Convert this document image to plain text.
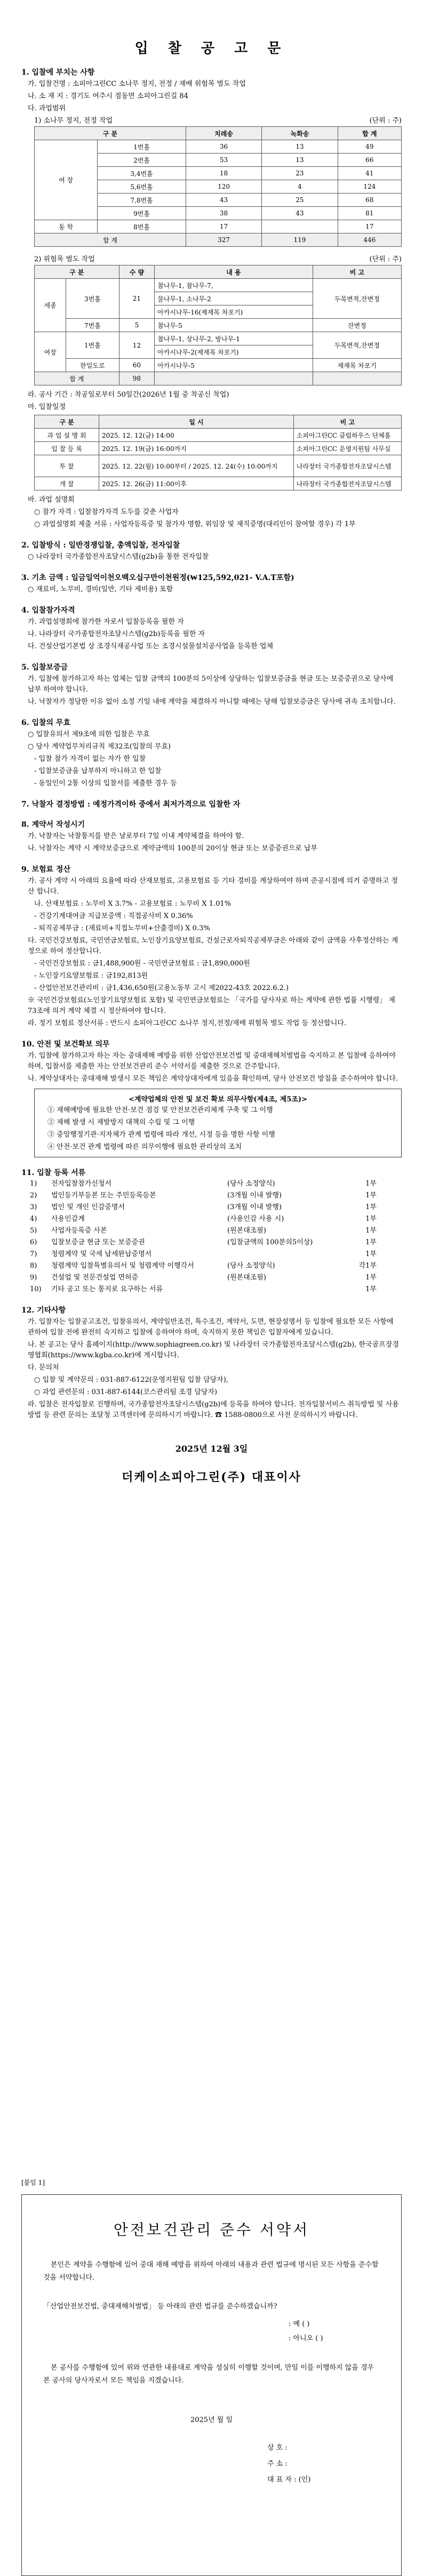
입 찰 공 고 문
1. 입찰에 부치는 사항
가. 입찰건명 : 소피아그린CC 소나무 정지, 전정 / 재배 위험목 벌도 작업
나. 소 재 지 : 경기도 여주시 점동면 소피아그린길 84
다. 과업범위
1) 소나무 정지, 전정 작업	(단위 : 주)
구 분		치레송	녹화송	합 계
여 장	1번홀	36	13	49
	2번홀	53	13	66
	3,4번홀	18	23	41
	5,6번홀	120	4	124
	7,8번홀	43	25	68
	9번홀	38	43	81
동 학	8번홀	17		17
합 계		327	119	446
2) 위험목 벌도 작업	(단위 : 주)
구 분		수 량	내 용	비 고
세종	3번홀	21	참나무-1, 참나무-7,	두목변적,잔변정
			물나무-1, 소나무-2	
			아카시나무-16(제재목 차포기)	
	7번홀	5	참나무-5	잔변정
여장	1번홀	12	참나무-1, 상나무-2, 방나무-1	두목변적,잔변정
			아카시나무-2(제재목 차포기)	
	한일도로	60	아카시나무-5	제재목 차포기
합 계		98		
라. 공사 기간 : 착공일로부터 50일간(2026년 1월 중 착공신 착업)
마. 입찰일정
구 분	일 시	비 고
과 업 설 명 회	2025. 12. 12(금) 14:00	소피아그린CC 클럽하우스 단체홀
입 찰 등 록	2025. 12. 19(금) 16:00까지	소피아그린CC 운영지원팀 사무실
투 찰	2025. 12. 22(월) 10:00부터 / 2025. 12. 24(수) 10:00까지	나라장터 국가종합전자조달시스템
개 찰	2025. 12. 26(금) 11:00이후	나라장터 국가종합전자조달시스템
바. 과업 설명회
○ 참가 자격 : 입찰참가자격 도두를 갖춘 사업자
○ 과업설명회 제출 서류 : 사업자등록증 및 참가자 명함, 위임장 및 재직증명(대리인이 참여할 경우) 각 1부
2. 입찰방식 : 일반경쟁입찰, 총액입찰, 전자입찰
○ 나라장터 국가종합전자조달시스템(g2b)을 통한 전자입찰
3. 기초 금액 : 일금일억이천오백오십구만이천원정(₩125,592,021- V.A.T포함)
○ 재료비, 노무비, 경비(일반, 기타 제비용) 포함
4. 입찰참가자격
가. 과업설명회에 참가한 자로서 입찰등록을 필한 자
나. 나라장터 국가종합전자조달시스템(g2b)등록을 필한 자
다. 건설산업기본법 상 조경식재공사업 또는 조경시설물설치공사업을 등록한 업체
5. 입찰보증금
가. 입찰에 참가하고자 하는 업체는 입찰 금액의 100분의 5이상에 상당하는 입찰보증금을 현금 또는 보증증권으로 당사에 납부 하여야 합니다.
나. 낙찰자가 정당한 이유 없이 소정 기일 내에 계약을 체결하지 아니할 때에는 당해 입찰보증금은 당사에 귀속 조치합니다.
6. 입찰의 무효
○ 입찰유의서 제9조에 의한 입찰은 무효
○ 당사 계약업무처리규칙 제32조(입찰의 무효)
- 입찰 참가 자격이 없는 자가 한 입찰
- 입찰보증금을 납부하지 아니하고 한 입찰
- 동일인이 2통 이상의 입찰서를 제출한 경우 등
7. 낙찰자 결정방법 : 예정가격이하 중에서 최저가격으로 입찰한 자
8. 계약서 작성시기
가. 낙찰자는 낙찰통지를 받은 날로부터 7일 이내 계약체결을 하여야 함.
나. 낙찰자는 계약 시 계약보증금으로 계약금액의 100분의 20이상 현금 또는 보증증권으로 납부
9. 보험료 정산
가. 공사 계약 시 아래의 요율에 따라 산재보험료, 고용보험료 등 기타 경비를 계상하여야 하며 준공시점에 의거 증명하고 정산 합니다.
나. 산재보험료 : 노무비 X 3.7% - 고용보험료 : 노무비 X 1.01%
- 건강기계대여금 지급보증액 : 직접공사비 X 0.36%
- 퇴직공제부금 : (재료비+직접노무비+산출경비) X 0.3%
다. 국민건강보험료, 국민연금보험료, 노인장기요양보험료, 건설근로자퇴직공제부금은 아래와 같이 금액을 사후정산하는 계정으로 하여 정산합니다.
- 국민건강보험료 : 금1,488,900원 - 국민연금보험료 : 금1,890,000원
- 노인장기요양보험료 : 금192,813원
- 산업안전보건관리비 : 금1,436,650원(고용노동부 고시 제2022-43호 2022.6.2.)
※ 국민건강보험료(노인장기요양보험료 포함) 및 국민연금보험료는 「국가를 당사자로 하는 계약에 관한 법률 시행령」 제73조에 의거 계약 체결 시 정산하여야 합니다.
라. 정기 보험료 정산서류 : 반드시 소피아그린CC 소나무 정지,전정/재배 위험목 벌도 작업 등 정산합니다.
10. 안전 및 보건확보 의무
가. 입찰에 참가하고자 하는 자는 중대재해 예방을 위한 산업안전보건법 및 중대재해처벌법을 숙지하고 본 입찰에 응하여야 하며, 입찰서를 제출한 자는 안전보건관리 준수 서약서를 제출한 것으로 간주합니다.
나. 계약상대자는 중대재해 발생시 모든 책임은 계약상대자에게 있음을 확인하며, 당사 안전보건 방침을 준수하여야 합니다.
<계약업체의 안전 및 보건 확보 의무사항(제4조, 제5조)>
① 재해예방에 필요한 안전·보건 점검 및 안전보건관리체계 구축 및 그 이행
② 재해 발생 시 재발방지 대책의 수립 및 그 이행
③ 중앙행정기관·지자체가 관계 법령에 따라 개선, 시정 등을 명한 사항 이행
④ 안전·보건 관계 법령에 따른 의무이행에 필요한 관리상의 조치
11. 입찰 등록 서류
1)	전자입찰참가신청서	(당사 소정양식)	1부
2)	법인등기부등본 또는 주민등록등본	(3개월 이내 발행)	1부
3)	법인 및 개인 인감증명서	(3개월 이내 발행)	1부
4)	사용인감계	(사용인감 사용 시)	1부
5)	사업자등록증 사본	(원본대조필)	1부
6)	입찰보증금 현금 또는 보증증권	(입찰금액의 100분의5이상)	1부
7)	청렴계약 및 국세 납세완납증명서	1부
8)	청렴계약 입찰특별유의서 및 청렴계약 이행각서	(당사 소정양식)	각1부
9)	건설업 및 전문건설업 면허증	(원본대조필)	1부
10)	기타 공고 또는 통지로 요구하는 서류	1부
12. 기타사항
가. 입찰자는 입찰공고조건, 입찰유의서, 계약일반조건, 특수조건, 계약서, 도면, 현장설명서 등 입찰에 필요한 모든 사항에 관하여 입찰 전에 완전히 숙지하고 입찰에 응하여야 하며, 숙지하지 못한 책임은 입찰자에게 있습니다.
나. 본 공고는 당사 홈페이지(http://www.sophiagreen.co.kr) 및 나라장터 국가종합전자조달시스템(g2b), 한국골프장경영협회(https://www.kgba.co.kr)에 게시합니다.
다. 문의처
○ 입찰 및 계약문의 : 031-887-6122(운영지원팀 입찰 담당자),
○ 과업 관련문의 : 031-887-6144(코스관리팀 조경 담당자)
라. 입찰은 전자입찰로 진행하며, 국가종합전자조달시스템(g2b)에 등록을 하여야 합니다. 전자입찰서비스 취득방법 및 사용방법 등 관련 문의는 조달청 고객센터에 문의하시기 바랍니다. ☎ 1588-0800으로 사전 문의하시기 바랍니다.
2025년 12월 3일
더케이소피아그린(주) 대표이사
[붙임 1]
안전보건관리 준수 서약서
본인은 계약을 수행함에 있어 중대 재해 예방을 위하여 아래의 내용과 관련 법규에 명시된 모든 사항을 준수할 것을 서약합니다.
「산업안전보건법, 중대재해처벌법」 등 아래의 관련 법규를 준수하겠습니까?
: 예 ( )
: 아니오 ( )
본 공사를 수행함에 있어 위와 연관한 내용대로 계약을 성실히 이행할 것이며, 만일 이를 이행하지 않을 경우 본 공사의 당사자로서 모든 책임을 지겠습니다.
2025년 월 일
상 호 :
주 소 :
대 표 자 : (인)
